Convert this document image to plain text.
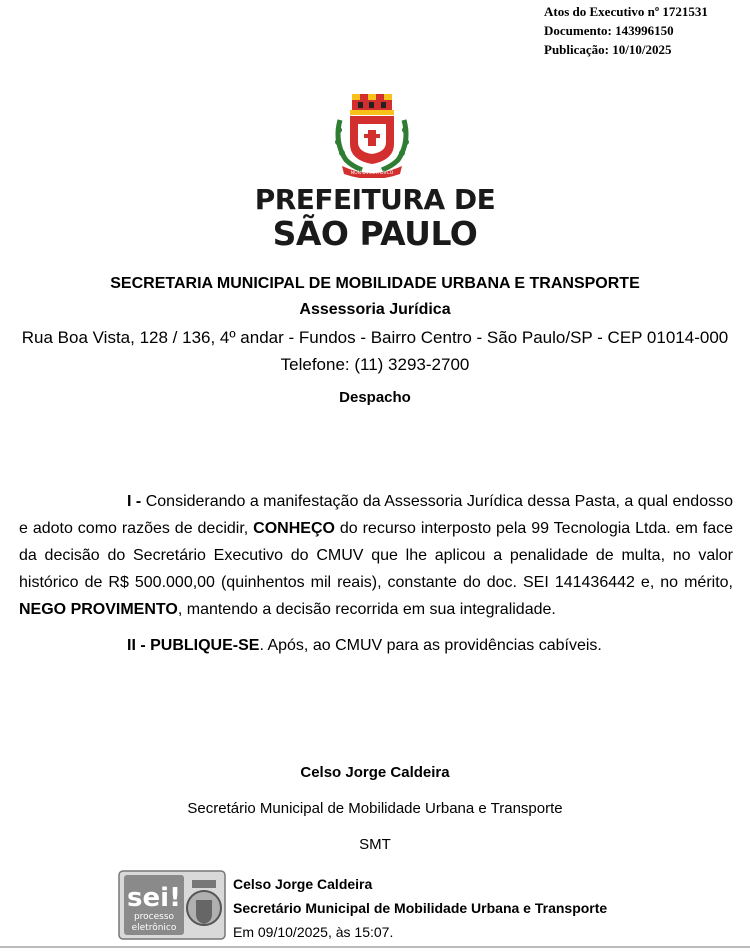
Atos do Executivo nº 1721531
Documento: 143996150
Publicação: 10/10/2025
NON DVCOR DVCO
PREFEITURA DE
SÃO PAULO
SECRETARIA MUNICIPAL DE MOBILIDADE URBANA E TRANSPORTE
Assessoria Jurídica
Rua Boa Vista, 128 / 136, 4º andar - Fundos - Bairro Centro - São Paulo/SP - CEP 01014-000
Telefone: (11) 3293-2700
Despacho

I - Considerando a manifestação da Assessoria Jurídica dessa Pasta, a qual endosso e adoto como razões de decidir, CONHEÇO do recurso interposto pela 99 Tecnologia Ltda. em face da decisão do Secretário Executivo do CMUV que lhe aplicou a penalidade de multa, no valor histórico de R$ 500.000,00 (quinhentos mil reais), constante do doc. SEI 141436442 e, no mérito, NEGO PROVIMENTO, mantendo a decisão recorrida em sua integralidade.

II - PUBLIQUE-SE. Após, ao CMUV para as providências cabíveis.

Celso Jorge Caldeira
Secretário Municipal de Mobilidade Urbana e Transporte
SMT
sei!
processo
eletrônico
Celso Jorge Caldeira
Secretário Municipal de Mobilidade Urbana e Transporte
Em 09/10/2025, às 15:07.
